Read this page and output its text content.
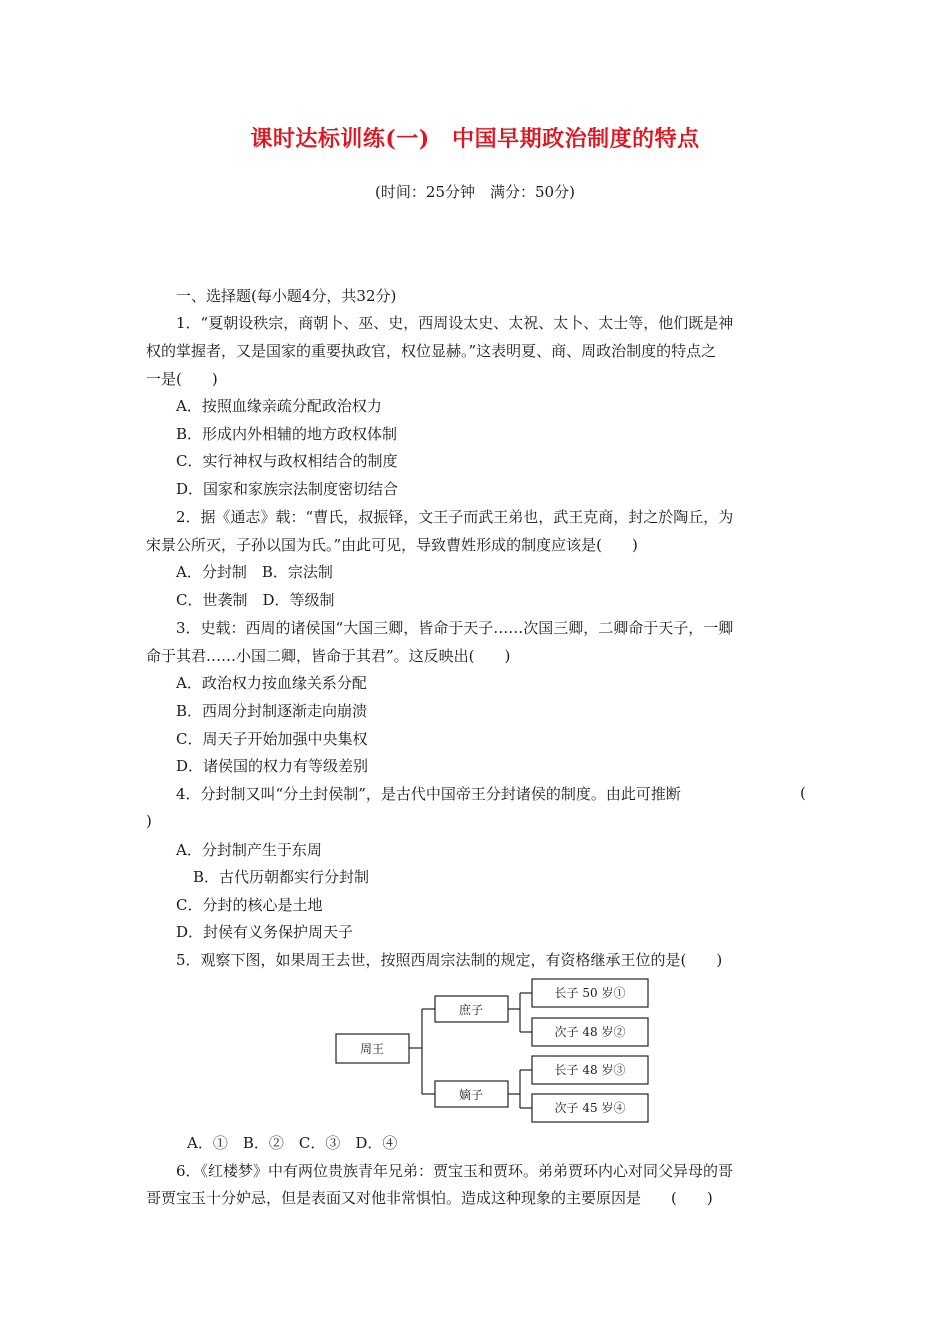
课时达标训练(一)　中国早期政治制度的特点
(时间：25分钟　满分：50分)
一、选择题(每小题4分，共32分)
1．“夏朝设秩宗，商朝卜、巫、史，西周设太史、太祝、太卜、太士等，他们既是神
权的掌握者，又是国家的重要执政官，权位显赫。”这表明夏、商、周政治制度的特点之
一是(　　)
A．按照血缘亲疏分配政治权力
B．形成内外相辅的地方政权体制
C．实行神权与政权相结合的制度
D．国家和家族宗法制度密切结合
2．据《通志》载：“曹氏，叔振铎，文王子而武王弟也，武王克商，封之於陶丘，为
宋景公所灭，子孙以国为氏。”由此可见，导致曹姓形成的制度应该是(　　)
A．分封制　B．宗法制
C．世袭制　D．等级制
3．史载：西周的诸侯国“大国三卿，皆命于天子……次国三卿，二卿命于天子，一卿
命于其君……小国二卿，皆命于其君”。这反映出(　　)
A．政治权力按血缘关系分配
B．西周分封制逐渐走向崩溃
C．周天子开始加强中央集权
D．诸侯国的权力有等级差别
4．分封制又叫“分土封侯制”，是古代中国帝王分封诸侯的制度。由此可推断	(
)
A．分封制产生于东周
B．古代历朝都实行分封制
C．分封的核心是土地
D．封侯有义务保护周天子
5．观察下图，如果周王去世，按照西周宗法制的规定，有资格继承王位的是(　　)
周王
庶子
嫡子
长子 50 岁①
次子 48 岁②
长子 48 岁③
次子 45 岁④
A．①　B．②　C．③　D．④
6．《红楼梦》中有两位贵族青年兄弟：贾宝玉和贾环。弟弟贾环内心对同父异母的哥
哥贾宝玉十分妒忌，但是表面又对他非常惧怕。造成这种现象的主要原因是　　(　　)
